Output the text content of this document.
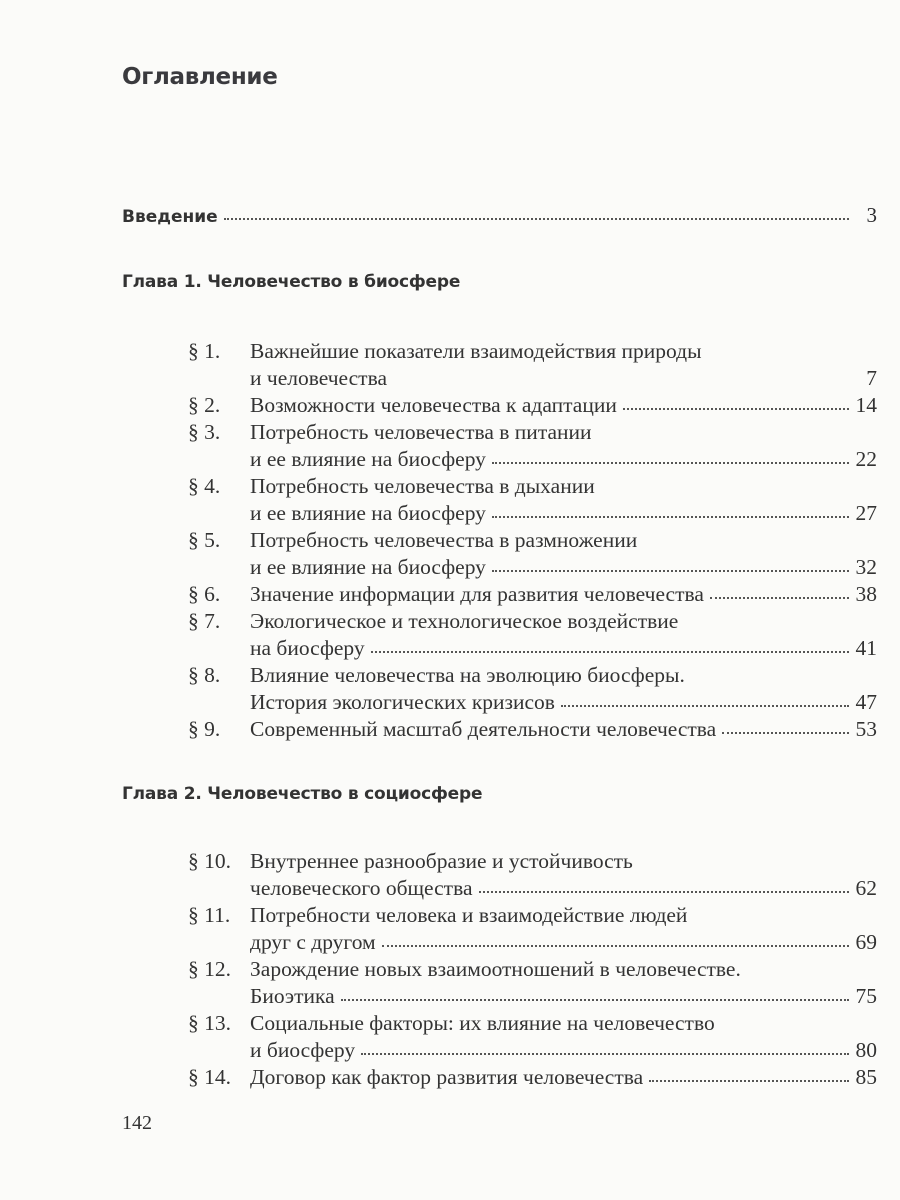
Оглавление
Введение	3
Глава 1. Человечество в биосфере
§ 1.	Важнейшие показатели взаимодействия природы
и человечества	7
§ 2.	Возможности человечества к адаптации	14
§ 3.	Потребность человечества в питании
и ее влияние на биосферу	22
§ 4.	Потребность человечества в дыхании
и ее влияние на биосферу	27
§ 5.	Потребность человечества в размножении
и ее влияние на биосферу	32
§ 6.	Значение информации для развития человечества	38
§ 7.	Экологическое и технологическое воздействие
на биосферу	41
§ 8.	Влияние человечества на эволюцию биосферы.
История экологических кризисов	47
§ 9.	Современный масштаб деятельности человечества	53
Глава 2. Человечество в социосфере
§ 10. Внутреннее разнообразие и устойчивость
человеческого общества	62
§ 11. Потребности человека и взаимодействие людей
друг с другом	69
§ 12. Зарождение новых взаимоотношений в человечестве.
Биоэтика	75
§ 13. Социальные факторы: их влияние на человечество
и биосферу	80
§ 14. Договор как фактор развития человечества	85
142
